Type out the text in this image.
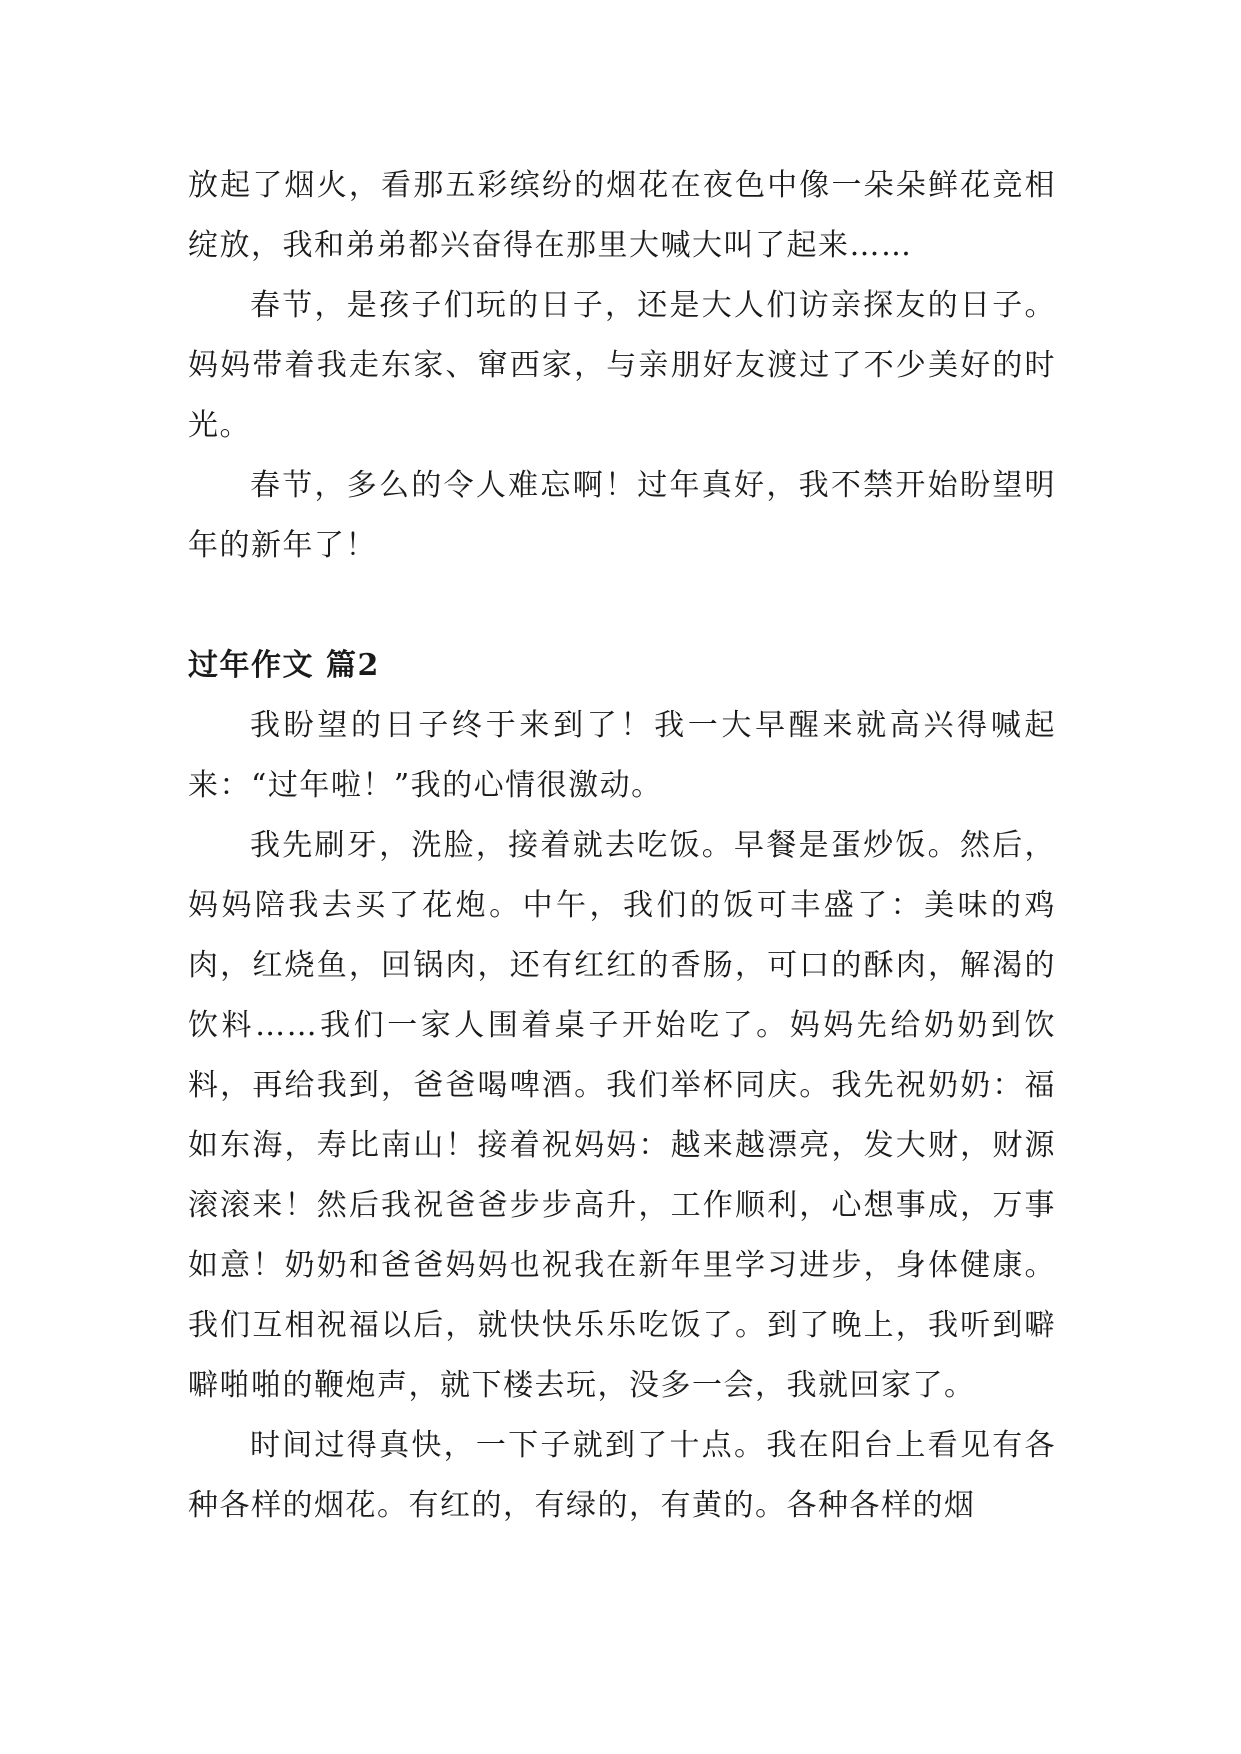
放起了烟火，看那五彩缤纷的烟花在夜色中像一朵朵鲜花竞相绽放，我和弟弟都兴奋得在那里大喊大叫了起来……

春节，是孩子们玩的日子，还是大人们访亲探友的日子。妈妈带着我走东家、窜西家，与亲朋好友渡过了不少美好的时光。

春节，多么的令人难忘啊！过年真好，我不禁开始盼望明年的新年了！

过年作文 篇2

我盼望的日子终于来到了！我一大早醒来就高兴得喊起来：“过年啦！”我的心情很激动。

我先刷牙，洗脸，接着就去吃饭。早餐是蛋炒饭。然后，妈妈陪我去买了花炮。中午，我们的饭可丰盛了：美味的鸡肉，红烧鱼，回锅肉，还有红红的香肠，可口的酥肉，解渴的饮料……我们一家人围着桌子开始吃了。妈妈先给奶奶到饮料，再给我到，爸爸喝啤酒。我们举杯同庆。我先祝奶奶：福如东海，寿比南山！接着祝妈妈：越来越漂亮，发大财，财源滚滚来！然后我祝爸爸步步高升，工作顺利，心想事成，万事如意！奶奶和爸爸妈妈也祝我在新年里学习进步，身体健康。我们互相祝福以后，就快快乐乐吃饭了。到了晚上，我听到噼噼啪啪的鞭炮声，就下楼去玩，没多一会，我就回家了。

时间过得真快，一下子就到了十点。我在阳台上看见有各种各样的烟花。有红的，有绿的，有黄的。各种各样的烟
